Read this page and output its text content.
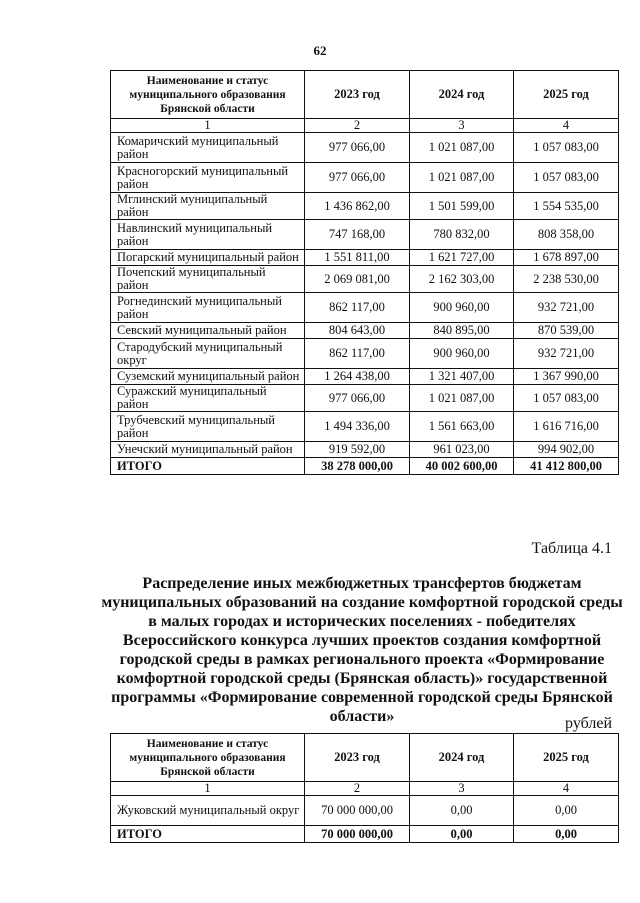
62
Наименование и статус муниципального образования Брянской области	2023 год	2024 год	2025 год
1	2	3	4
Комаричский муниципальный район	977 066,00	1 021 087,00	1 057 083,00
Красногорский муниципальный район	977 066,00	1 021 087,00	1 057 083,00
Мглинский муниципальный район	1 436 862,00	1 501 599,00	1 554 535,00
Навлинский муниципальный район	747 168,00	780 832,00	808 358,00
Погарский муниципальный район	1 551 811,00	1 621 727,00	1 678 897,00
Почепский муниципальный район	2 069 081,00	2 162 303,00	2 238 530,00
Рогнединский муниципальный район	862 117,00	900 960,00	932 721,00
Севский муниципальный район	804 643,00	840 895,00	870 539,00
Стародубский муниципальный округ	862 117,00	900 960,00	932 721,00
Суземский муниципальный район	1 264 438,00	1 321 407,00	1 367 990,00
Суражский муниципальный район	977 066,00	1 021 087,00	1 057 083,00
Трубчевский муниципальный район	1 494 336,00	1 561 663,00	1 616 716,00
Унечский муниципальный район	919 592,00	961 023,00	994 902,00
ИТОГО	38 278 000,00	40 002 600,00	41 412 800,00
Таблица 4.1
Распределение иных межбюджетных трансфертов бюджетам муниципальных образований на создание комфортной городской среды в малых городах и исторических поселениях - победителях Всероссийского конкурса лучших проектов создания комфортной городской среды в рамках регионального проекта «Формирование комфортной городской среды (Брянская область)» государственной программы «Формирование современной городской среды Брянской области»	рублей
Наименование и статус муниципального образования Брянской области	2023 год	2024 год	2025 год
1	2	3	4
Жуковский муниципальный округ	70 000 000,00	0,00	0,00
ИТОГО	70 000 000,00	0,00	0,00
